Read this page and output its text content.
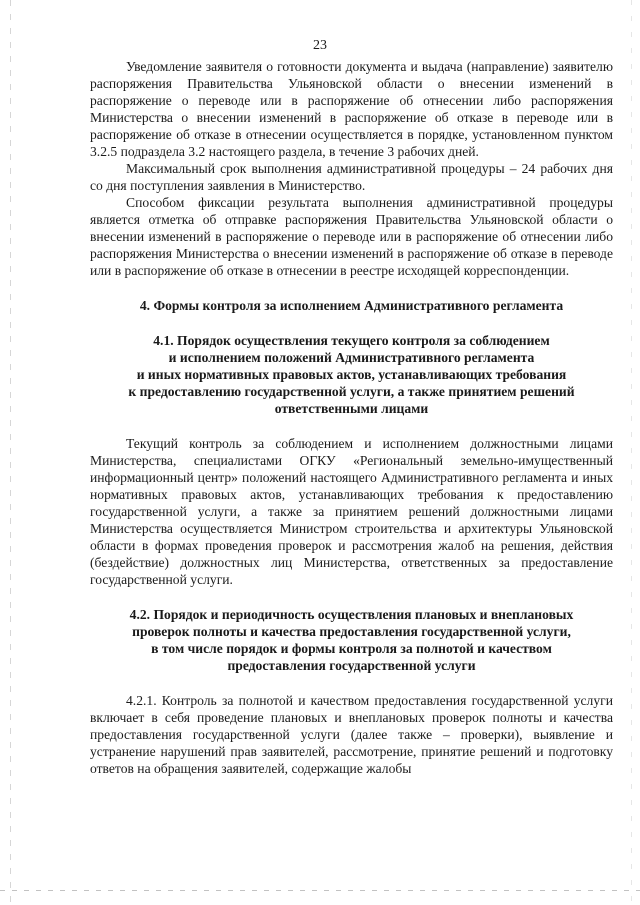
23

Уведомление заявителя о готовности документа и выдача (направление) заявителю распоряжения Правительства Ульяновской области о внесении изменений в распоряжение о переводе или в распоряжение об отнесении либо распоряжения Министерства о внесении изменений в распоряжение об отказе в переводе или в распоряжение об отказе в отнесении осуществляется в порядке, установленном пунктом 3.2.5 подраздела 3.2 настоящего раздела, в течение 3 рабочих дней.

Максимальный срок выполнения административной процедуры – 24 рабочих дня со дня поступления заявления в Министерство.

Способом фиксации результата выполнения административной процедуры является отметка об отправке распоряжения Правительства Ульяновской области о внесении изменений в распоряжение о переводе или в распоряжение об отнесении либо распоряжения Министерства о внесении изменений в распоряжение об отказе в переводе или в распоряжение об отказе в отнесении в реестре исходящей корреспонденции.

4. Формы контроля за исполнением Административного регламента

4.1. Порядок осуществления текущего контроля за соблюдением
и исполнением положений Административного регламента
и иных нормативных правовых актов, устанавливающих требования
к предоставлению государственной услуги, а также принятием решений
ответственными лицами

Текущий контроль за соблюдением и исполнением должностными лицами Министерства, специалистами ОГКУ «Региональный земельно-имущественный информационный центр» положений настоящего Административного регламента и иных нормативных правовых актов, устанавливающих требования к предоставлению государственной услуги, а также за принятием решений должностными лицами Министерства осуществляется Министром строительства и архитектуры Ульяновской области в формах проведения проверок и рассмотрения жалоб на решения, действия (бездействие) должностных лиц Министерства, ответственных за предоставление государственной услуги.

4.2. Порядок и периодичность осуществления плановых и внеплановых
проверок полноты и качества предоставления государственной услуги,
в том числе порядок и формы контроля за полнотой и качеством
предоставления государственной услуги

4.2.1. Контроль за полнотой и качеством предоставления государственной услуги включает в себя проведение плановых и внеплановых проверок полноты и качества предоставления государственной услуги (далее также – проверки), выявление и устранение нарушений прав заявителей, рассмотрение, принятие решений и подготовку ответов на обращения заявителей, содержащие жалобы
